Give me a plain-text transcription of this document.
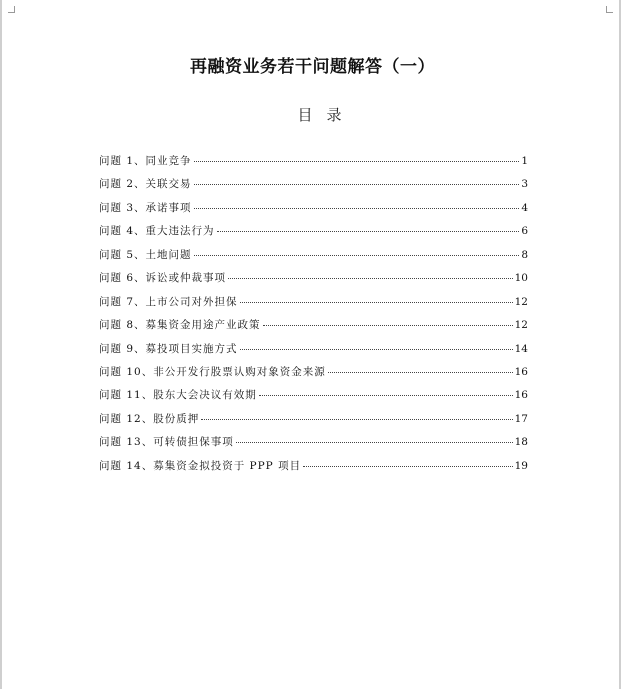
再融资业务若干问题解答（一）
目录
问题 1、同业竞争	1
问题 2、关联交易	3
问题 3、承诺事项	4
问题 4、重大违法行为	6
问题 5、土地问题	8
问题 6、诉讼或仲裁事项	10
问题 7、上市公司对外担保	12
问题 8、募集资金用途产业政策	12
问题 9、募投项目实施方式	14
问题 10、非公开发行股票认购对象资金来源	16
问题 11、股东大会决议有效期	16
问题 12、股份质押	17
问题 13、可转债担保事项	18
问题 14、募集资金拟投资于 PPP 项目	19
